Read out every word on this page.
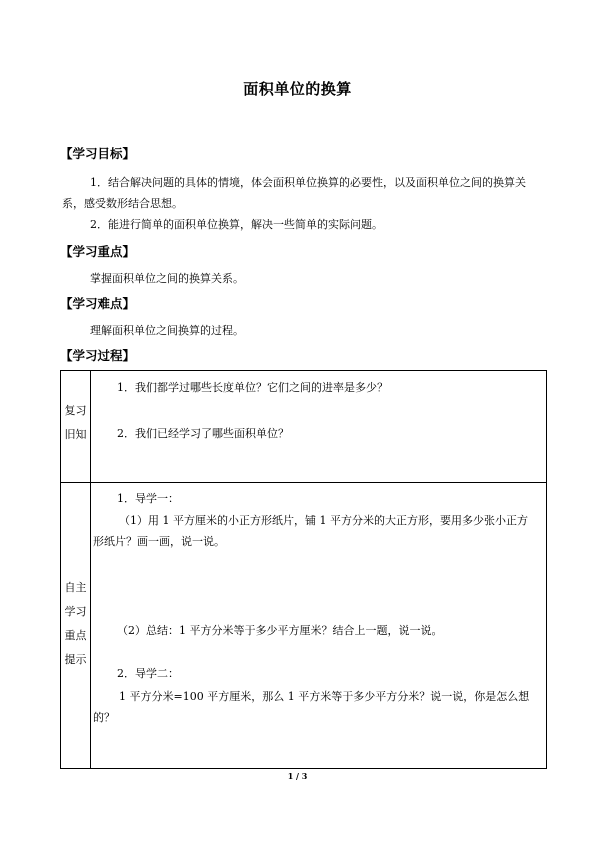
面积单位的换算
【学习目标】
1．结合解决问题的具体的情境，体会面积单位换算的必要性，以及面积单位之间的换算关系，感受数形结合思想。
2．能进行简单的面积单位换算，解决一些简单的实际问题。
【学习重点】
掌握面积单位之间的换算关系。
【学习难点】
理解面积单位之间换算的过程。
【学习过程】
复习
旧知

1．我们都学过哪些长度单位？它们之间的进率是多少？

2．我们已经学习了哪些面积单位？

自主
学习
重点
提示

1．导学一：

（1）用 1 平方厘米的小正方形纸片，铺 1 平方分米的大正方形，要用多少张小正方形纸片？画一画，说一说。

（2）总结：1 平方分米等于多少平方厘米？结合上一题，说一说。

2．导学二：

1 平方分米=100 平方厘米，那么 1 平方米等于多少平方分米？说一说，你是怎么想的？

1 / 3
